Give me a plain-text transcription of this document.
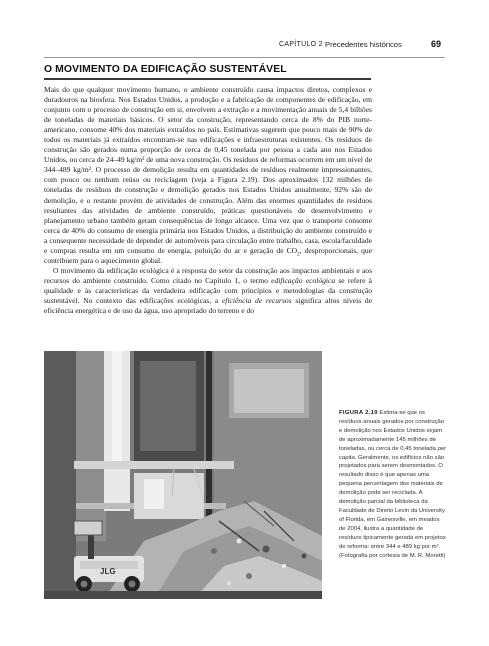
CAPÍTULO 2 Precedentes históricos	69
O MOVIMENTO DA EDIFICAÇÃO SUSTENTÁVEL

Mais do que qualquer movimento humano, o ambiente construído causa impactos diretos, complexos e duradouros na biosfera. Nos Estados Unidos, a produção e a fabricação de componentes de edificação, em conjunto com o processo de construção em si, envolvem a extração e a movimentação anuais de 5,4 bilhões de toneladas de materiais básicos. O setor da construção, representando cerca de 8% do PIB norte-americano, consome 40% dos materiais extraídos no país. Estimativas sugerem que pouco mais de 90% de todos os materiais já extraídos encontram-se nas edificações e infraestruturas existentes. Os resíduos de construção são gerados numa proporção de cerca de 0,45 tonelada por pessoa a cada ano nos Estados Unidos, ou cerca de 24–49 kg/m² de uma nova construção. Os resíduos de reformas ocorrem em um nível de 344–489 kg/m². O processo de demolição resulta em quantidades de resíduos realmente impressionantes, com pouco ou nenhum reúso ou reciclagem (veja a Figura 2.19). Dos aproximados 132 milhões de toneladas de resíduos de construção e demolição gerados nos Estados Unidos anualmente, 92% são de demolição, e o restante provém de atividades de construção. Além das enormes quantidades de resíduos resultantes das atividades de ambiente construído, práticas questionáveis de desenvolvimento e planejamento urbano também geram consequências de longo alcance. Uma vez que o transporte consome cerca de 40% do consumo de energia primária nos Estados Unidos, a distribuição do ambiente construído e a consequente necessidade de depender de automóveis para circulação entre trabalho, casa, escola/faculdade e compras resulta em um consumo de energia, poluição do ar e geração de $CO_2$, desproporcionais, que contribuem para o aquecimento global.

O movimento da edificação ecológica é a resposta do setor da construção aos impactos ambientais e aos recursos do ambiente construído. Como citado no Capítulo 1, o termo edificação ecológica se refere à qualidade e às características da verdadeira edificação com princípios e metodologias da construção sustentável. No contexto das edificações ecológicas, a eficiência de recursos significa altos níveis de eficiência energética e de uso da água, uso apropriado do terreno e do

JLG
FIGURA 2.19 Estima-se que os resíduos anuais gerados por construção e demolição nos Estados Unidos sejam de aproximadamente 145 milhões de toneladas, ou cerca de 0,45 tonelada per capita. Geralmente, os edifícios não são projetados para serem desmontados. O resultado disso é que apenas uma pequena percentagem dos materiais de demolição pode ser reciclada. A demolição parcial da biblioteca da Faculdade de Direito Levin da University of Florida, em Gainesville, em meados de 2004, ilustra a quantidade de resíduos tipicamente gerada em projetos de reforma: entre 344 e 489 kg por m². (Fotografia por cortesia de M. R. Moretti)
